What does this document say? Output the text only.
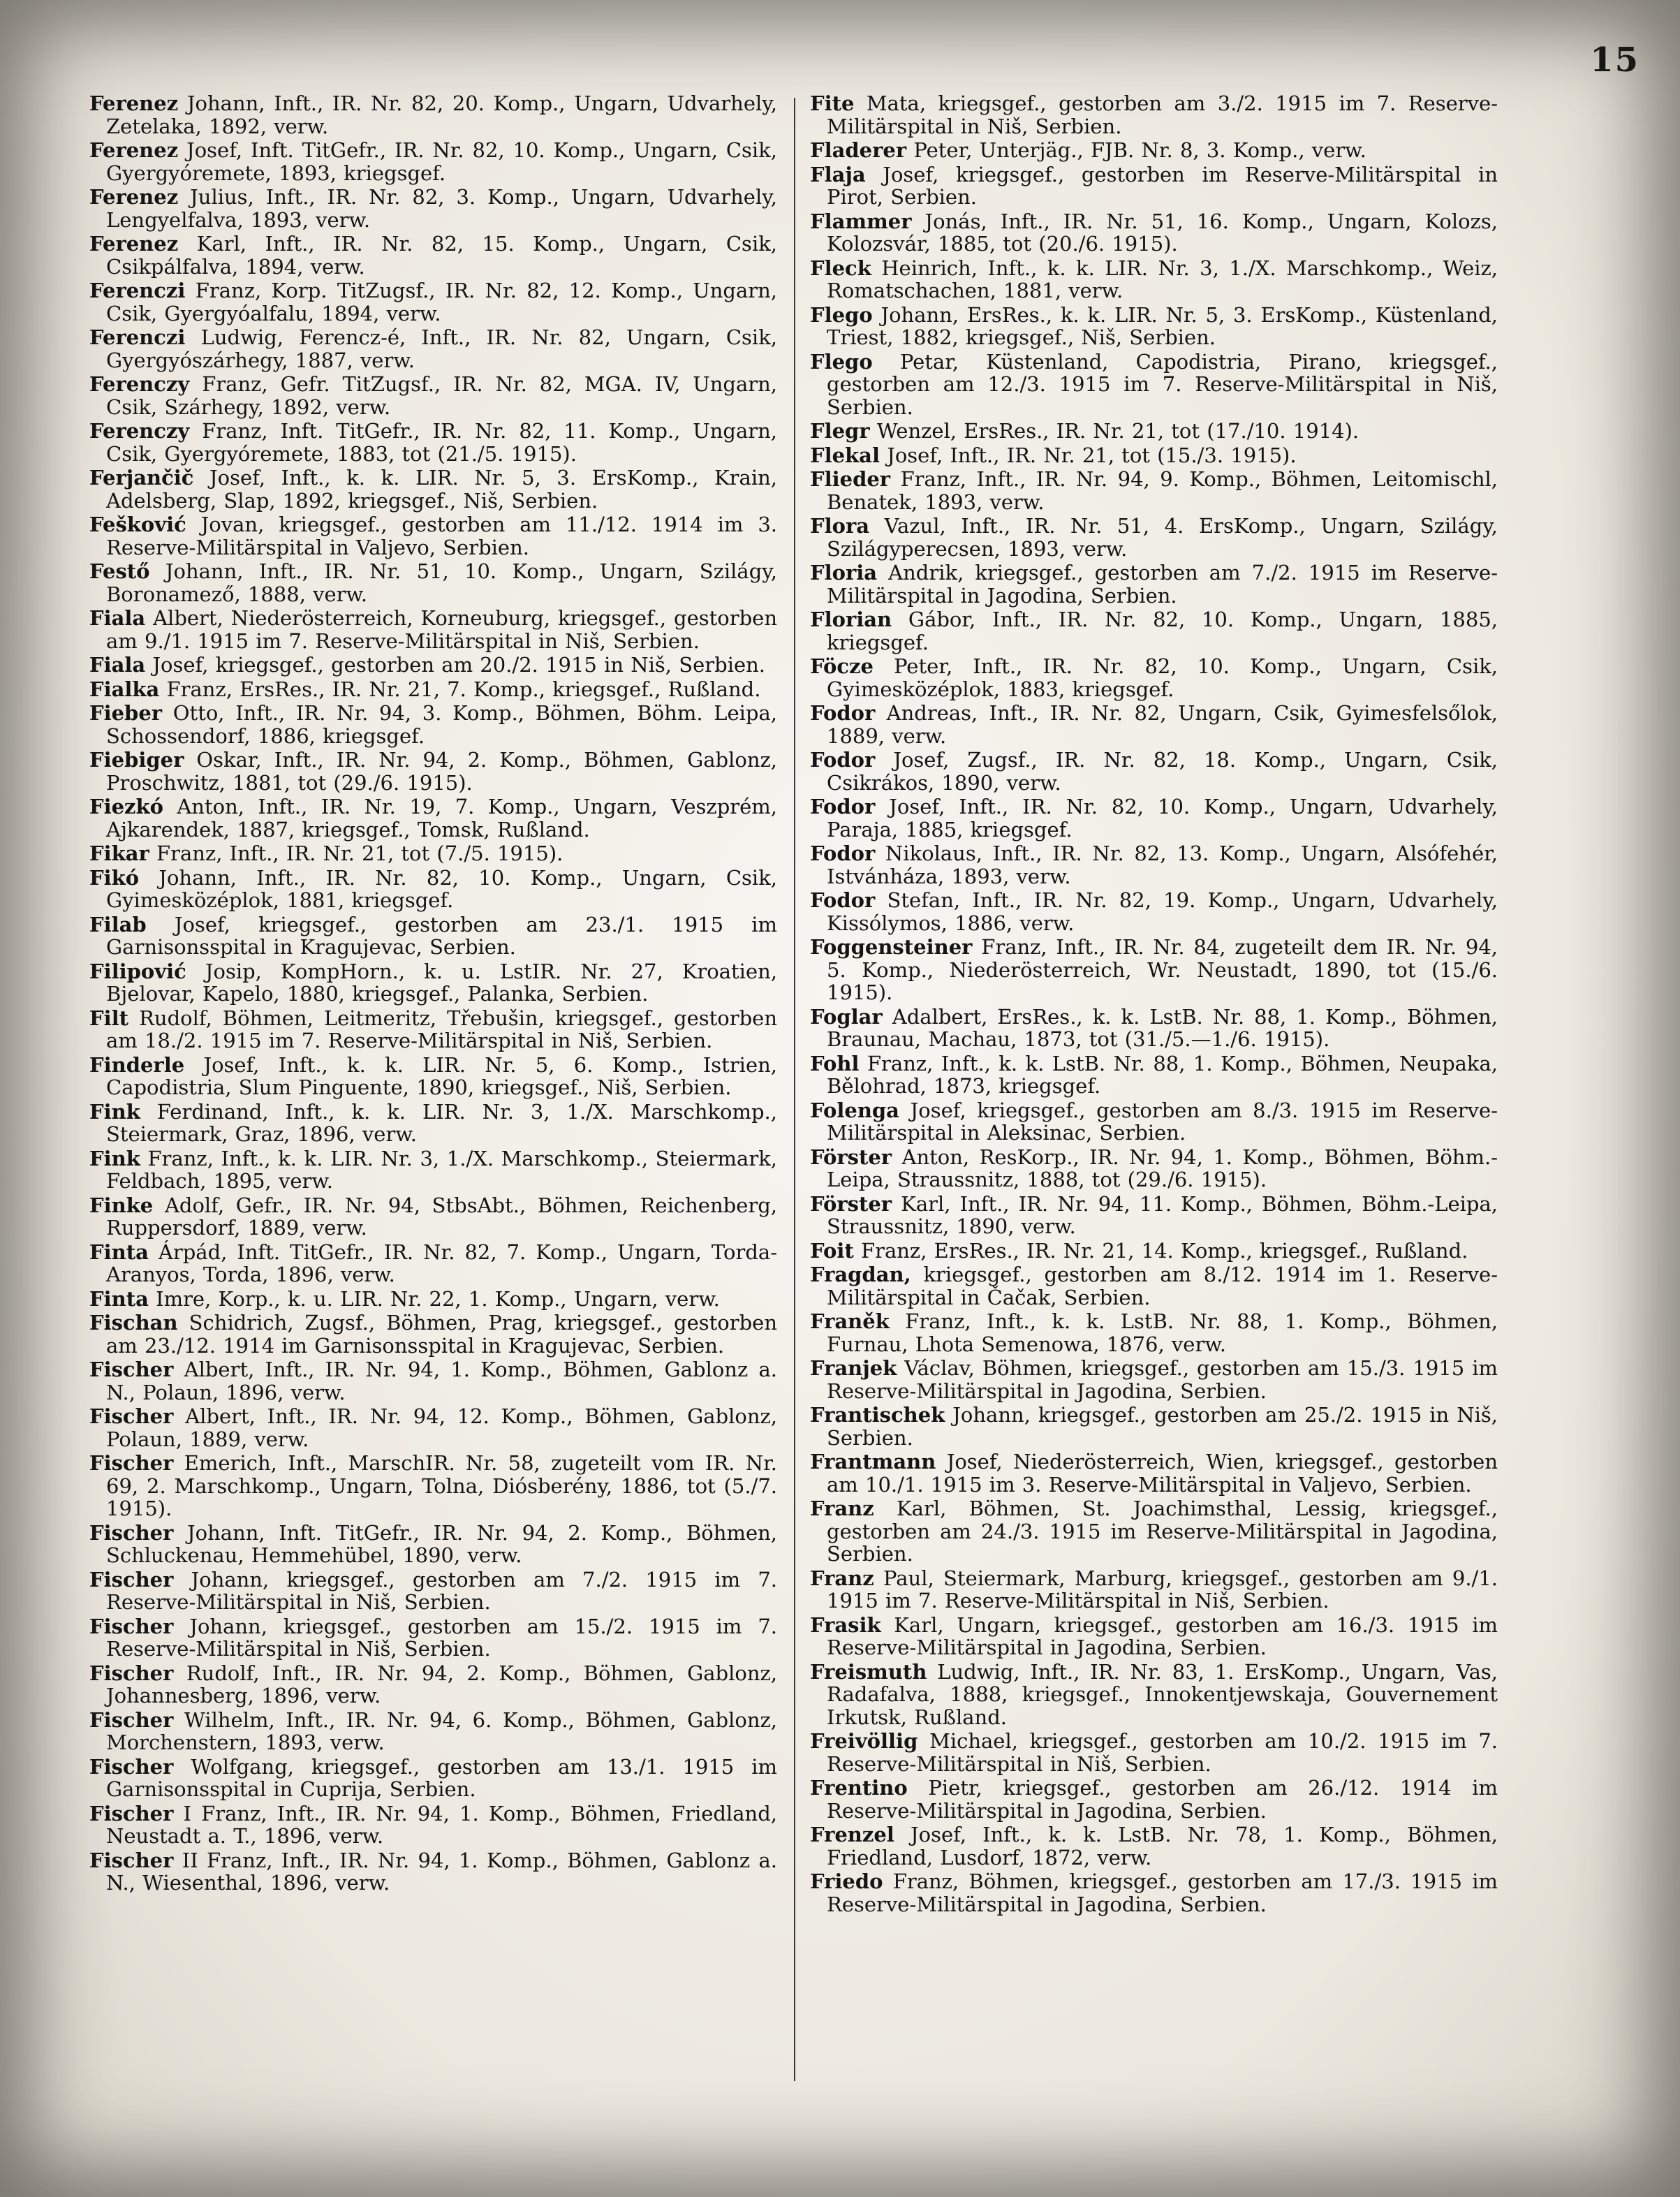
15

Ferenez Johann, Inft., IR. Nr. 82, 20. Komp., Ungarn, Udvarhely, Zetelaka, 1892, verw.

Ferenez Josef, Inft. TitGefr., IR. Nr. 82, 10. Komp., Ungarn, Csik, Gyergyóremete, 1893, kriegsgef.

Ferenez Julius, Inft., IR. Nr. 82, 3. Komp., Ungarn, Udvarhely, Lengyelfalva, 1893, verw.

Ferenez Karl, Inft., IR. Nr. 82, 15. Komp., Ungarn, Csik, Csikpálfalva, 1894, verw.

Ferenczi Franz, Korp. TitZugsf., IR. Nr. 82, 12. Komp., Ungarn, Csik, Gyergyóalfalu, 1894, verw.

Ferenczi Ludwig, Ferencz-é, Inft., IR. Nr. 82, Ungarn, Csik, Gyergyószárhegy, 1887, verw.

Ferenczy Franz, Gefr. TitZugsf., IR. Nr. 82, MGA. IV, Ungarn, Csik, Szárhegy, 1892, verw.

Ferenczy Franz, Inft. TitGefr., IR. Nr. 82, 11. Komp., Ungarn, Csik, Gyergyóremete, 1883, tot (21./5. 1915).

Ferjančič Josef, Inft., k. k. LIR. Nr. 5, 3. ErsKomp., Krain, Adelsberg, Slap, 1892, kriegsgef., Niš, Serbien.

Fešković Jovan, kriegsgef., gestorben am 11./12. 1914 im 3. Reserve-Militärspital in Valjevo, Serbien.

Festő Johann, Inft., IR. Nr. 51, 10. Komp., Ungarn, Szilágy, Boronamező, 1888, verw.

Fiala Albert, Niederösterreich, Korneuburg, kriegsgef., gestorben am 9./1. 1915 im 7. Reserve-Militärspital in Niš, Serbien.

Fiala Josef, kriegsgef., gestorben am 20./2. 1915 in Niš, Serbien.

Fialka Franz, ErsRes., IR. Nr. 21, 7. Komp., kriegsgef., Rußland.

Fieber Otto, Inft., IR. Nr. 94, 3. Komp., Böhmen, Böhm. Leipa, Schossendorf, 1886, kriegsgef.

Fiebiger Oskar, Inft., IR. Nr. 94, 2. Komp., Böhmen, Gablonz, Proschwitz, 1881, tot (29./6. 1915).

Fiezkó Anton, Inft., IR. Nr. 19, 7. Komp., Ungarn, Veszprém, Ajkarendek, 1887, kriegsgef., Tomsk, Rußland.

Fikar Franz, Inft., IR. Nr. 21, tot (7./5. 1915).

Fikó Johann, Inft., IR. Nr. 82, 10. Komp., Ungarn, Csik, Gyimesközéplok, 1881, kriegsgef.

Filab Josef, kriegsgef., gestorben am 23./1. 1915 im Garnisonsspital in Kragujevac, Serbien.

Filipović Josip, KompHorn., k. u. LstIR. Nr. 27, Kroatien, Bjelovar, Kapelo, 1880, kriegsgef., Palanka, Serbien.

Filt Rudolf, Böhmen, Leitmeritz, Třebušin, kriegsgef., gestorben am 18./2. 1915 im 7. Reserve-Militärspital in Niš, Serbien.

Finderle Josef, Inft., k. k. LIR. Nr. 5, 6. Komp., Istrien, Capodistria, Slum Pinguente, 1890, kriegsgef., Niš, Serbien.

Fink Ferdinand, Inft., k. k. LIR. Nr. 3, 1./X. Marschkomp., Steiermark, Graz, 1896, verw.

Fink Franz, Inft., k. k. LIR. Nr. 3, 1./X. Marschkomp., Steiermark, Feldbach, 1895, verw.

Finke Adolf, Gefr., IR. Nr. 94, StbsAbt., Böhmen, Reichenberg, Ruppersdorf, 1889, verw.

Finta Árpád, Inft. TitGefr., IR. Nr. 82, 7. Komp., Ungarn, Torda-Aranyos, Torda, 1896, verw.

Finta Imre, Korp., k. u. LIR. Nr. 22, 1. Komp., Ungarn, verw.

Fischan Schidrich, Zugsf., Böhmen, Prag, kriegsgef., gestorben am 23./12. 1914 im Garnisonsspital in Kragujevac, Serbien.

Fischer Albert, Inft., IR. Nr. 94, 1. Komp., Böhmen, Gablonz a. N., Polaun, 1896, verw.

Fischer Albert, Inft., IR. Nr. 94, 12. Komp., Böhmen, Gablonz, Polaun, 1889, verw.

Fischer Emerich, Inft., MarschIR. Nr. 58, zugeteilt vom IR. Nr. 69, 2. Marschkomp., Ungarn, Tolna, Diósberény, 1886, tot (5./7. 1915).

Fischer Johann, Inft. TitGefr., IR. Nr. 94, 2. Komp., Böhmen, Schluckenau, Hemmehübel, 1890, verw.

Fischer Johann, kriegsgef., gestorben am 7./2. 1915 im 7. Reserve-Militärspital in Niš, Serbien.

Fischer Johann, kriegsgef., gestorben am 15./2. 1915 im 7. Reserve-Militärspital in Niš, Serbien.

Fischer Rudolf, Inft., IR. Nr. 94, 2. Komp., Böhmen, Gablonz, Johannesberg, 1896, verw.

Fischer Wilhelm, Inft., IR. Nr. 94, 6. Komp., Böhmen, Gablonz, Morchenstern, 1893, verw.

Fischer Wolfgang, kriegsgef., gestorben am 13./1. 1915 im Garnisonsspital in Cuprija, Serbien.

Fischer I Franz, Inft., IR. Nr. 94, 1. Komp., Böhmen, Friedland, Neustadt a. T., 1896, verw.

Fischer II Franz, Inft., IR. Nr. 94, 1. Komp., Böhmen, Gablonz a. N., Wiesenthal, 1896, verw.

Fite Mata, kriegsgef., gestorben am 3./2. 1915 im 7. Reserve-Militärspital in Niš, Serbien.

Fladerer Peter, Unterjäg., FJB. Nr. 8, 3. Komp., verw.

Flaja Josef, kriegsgef., gestorben im Reserve-Militärspital in Pirot, Serbien.

Flammer Jonás, Inft., IR. Nr. 51, 16. Komp., Ungarn, Kolozs, Kolozsvár, 1885, tot (20./6. 1915).

Fleck Heinrich, Inft., k. k. LIR. Nr. 3, 1./X. Marschkomp., Weiz, Romatschachen, 1881, verw.

Flego Johann, ErsRes., k. k. LIR. Nr. 5, 3. ErsKomp., Küstenland, Triest, 1882, kriegsgef., Niš, Serbien.

Flego Petar, Küstenland, Capodistria, Pirano, kriegsgef., gestorben am 12./3. 1915 im 7. Reserve-Militärspital in Niš, Serbien.

Flegr Wenzel, ErsRes., IR. Nr. 21, tot (17./10. 1914).

Flekal Josef, Inft., IR. Nr. 21, tot (15./3. 1915).

Flieder Franz, Inft., IR. Nr. 94, 9. Komp., Böhmen, Leitomischl, Benatek, 1893, verw.

Flora Vazul, Inft., IR. Nr. 51, 4. ErsKomp., Ungarn, Szilágy, Szilágyperecsen, 1893, verw.

Floria Andrik, kriegsgef., gestorben am 7./2. 1915 im Reserve-Militärspital in Jagodina, Serbien.

Florian Gábor, Inft., IR. Nr. 82, 10. Komp., Ungarn, 1885, kriegsgef.

Föcze Peter, Inft., IR. Nr. 82, 10. Komp., Ungarn, Csik, Gyimesközéplok, 1883, kriegsgef.

Fodor Andreas, Inft., IR. Nr. 82, Ungarn, Csik, Gyimesfelsőlok, 1889, verw.

Fodor Josef, Zugsf., IR. Nr. 82, 18. Komp., Ungarn, Csik, Csikrákos, 1890, verw.

Fodor Josef, Inft., IR. Nr. 82, 10. Komp., Ungarn, Udvarhely, Paraja, 1885, kriegsgef.

Fodor Nikolaus, Inft., IR. Nr. 82, 13. Komp., Ungarn, Alsófehér, Istvánháza, 1893, verw.

Fodor Stefan, Inft., IR. Nr. 82, 19. Komp., Ungarn, Udvarhely, Kissólymos, 1886, verw.

Foggensteiner Franz, Inft., IR. Nr. 84, zugeteilt dem IR. Nr. 94, 5. Komp., Niederösterreich, Wr. Neustadt, 1890, tot (15./6. 1915).

Foglar Adalbert, ErsRes., k. k. LstB. Nr. 88, 1. Komp., Böhmen, Braunau, Machau, 1873, tot (31./5.—1./6. 1915).

Fohl Franz, Inft., k. k. LstB. Nr. 88, 1. Komp., Böhmen, Neupaka, Bělohrad, 1873, kriegsgef.

Folenga Josef, kriegsgef., gestorben am 8./3. 1915 im Reserve-Militärspital in Aleksinac, Serbien.

Förster Anton, ResKorp., IR. Nr. 94, 1. Komp., Böhmen, Böhm.-Leipa, Straussnitz, 1888, tot (29./6. 1915).

Förster Karl, Inft., IR. Nr. 94, 11. Komp., Böhmen, Böhm.-Leipa, Straussnitz, 1890, verw.

Foit Franz, ErsRes., IR. Nr. 21, 14. Komp., kriegsgef., Rußland.

Fragdan, kriegsgef., gestorben am 8./12. 1914 im 1. Reserve-Militärspital in Čačak, Serbien.

Franěk Franz, Inft., k. k. LstB. Nr. 88, 1. Komp., Böhmen, Furnau, Lhota Semenowa, 1876, verw.

Franjek Václav, Böhmen, kriegsgef., gestorben am 15./3. 1915 im Reserve-Militärspital in Jagodina, Serbien.

Frantischek Johann, kriegsgef., gestorben am 25./2. 1915 in Niš, Serbien.

Frantmann Josef, Niederösterreich, Wien, kriegsgef., gestorben am 10./1. 1915 im 3. Reserve-Militärspital in Valjevo, Serbien.

Franz Karl, Böhmen, St. Joachimsthal, Lessig, kriegsgef., gestorben am 24./3. 1915 im Reserve-Militärspital in Jagodina, Serbien.

Franz Paul, Steiermark, Marburg, kriegsgef., gestorben am 9./1. 1915 im 7. Reserve-Militärspital in Niš, Serbien.

Frasik Karl, Ungarn, kriegsgef., gestorben am 16./3. 1915 im Reserve-Militärspital in Jagodina, Serbien.

Freismuth Ludwig, Inft., IR. Nr. 83, 1. ErsKomp., Ungarn, Vas, Radafalva, 1888, kriegsgef., Innokentjewskaja, Gouvernement Irkutsk, Rußland.

Freivöllig Michael, kriegsgef., gestorben am 10./2. 1915 im 7. Reserve-Militärspital in Niš, Serbien.

Frentino Pietr, kriegsgef., gestorben am 26./12. 1914 im Reserve-Militärspital in Jagodina, Serbien.

Frenzel Josef, Inft., k. k. LstB. Nr. 78, 1. Komp., Böhmen, Friedland, Lusdorf, 1872, verw.

Friedo Franz, Böhmen, kriegsgef., gestorben am 17./3. 1915 im Reserve-Militärspital in Jagodina, Serbien.
